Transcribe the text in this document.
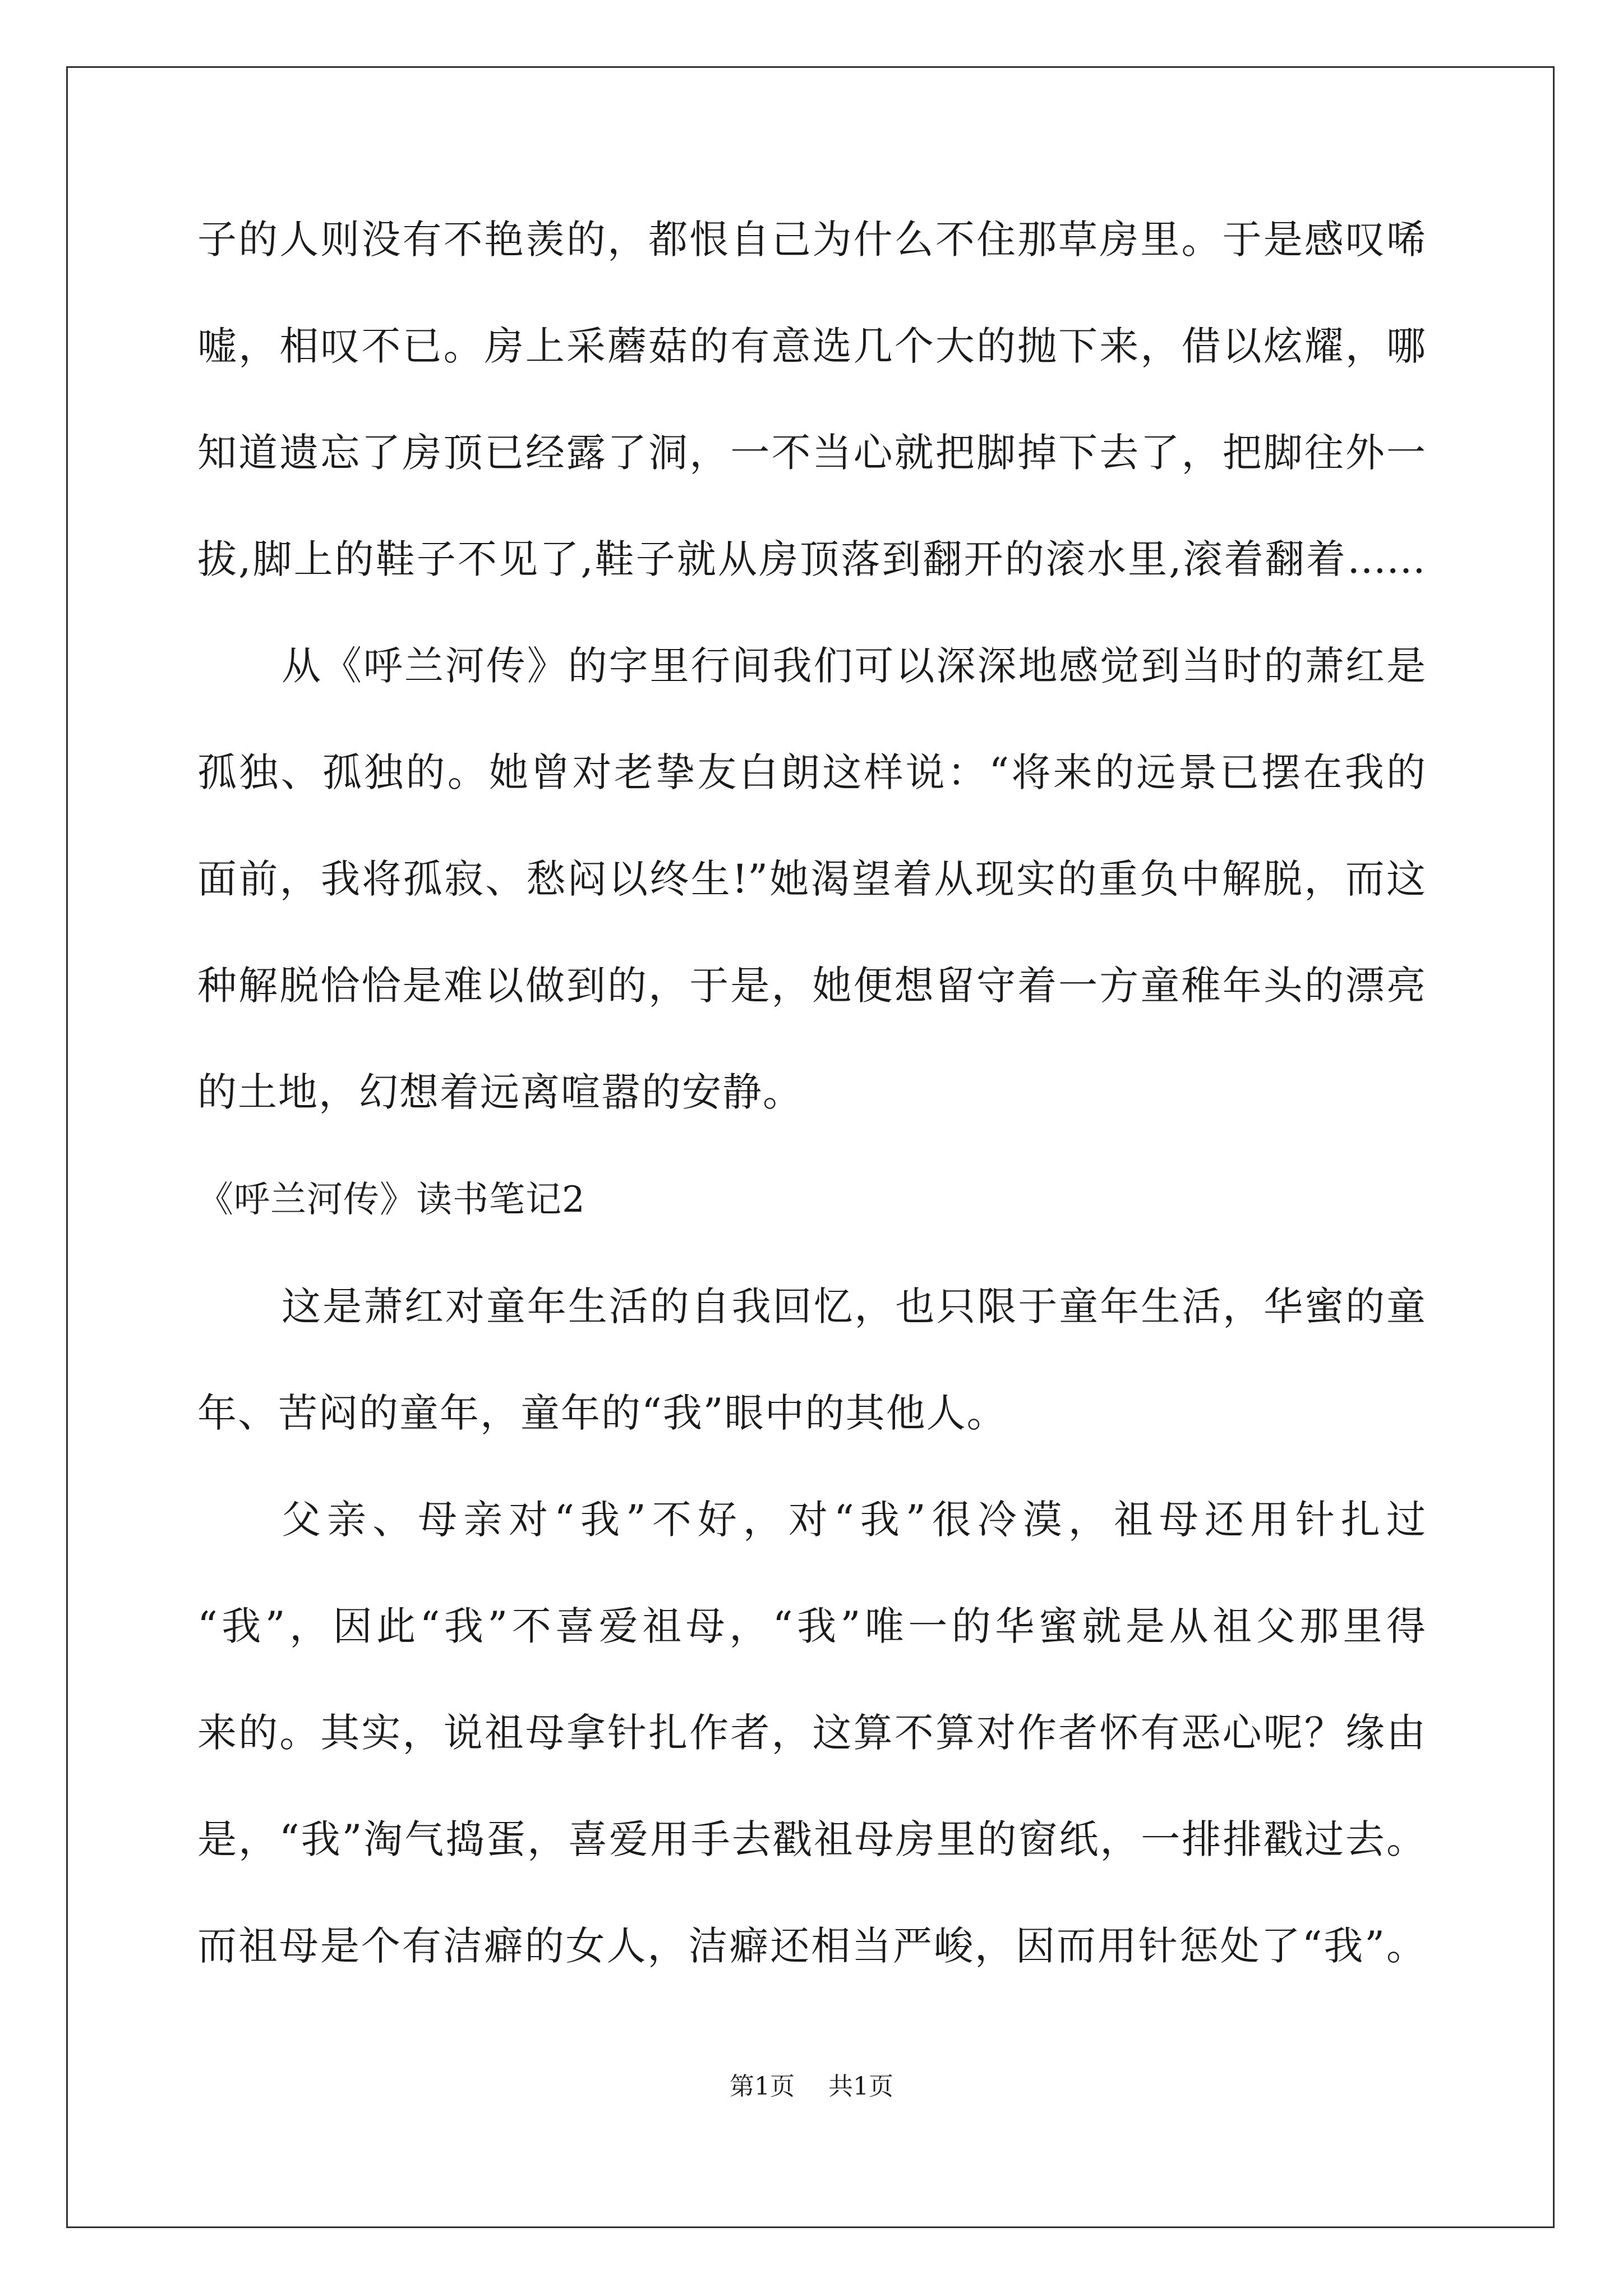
子的人则没有不艳羡的，都恨自己为什么不住那草房里。于是感叹唏
嘘，相叹不已。房上采蘑菇的有意选几个大的抛下来，借以炫耀，哪
知道遗忘了房顶已经露了洞，一不当心就把脚掉下去了，把脚往外一
拔,脚上的鞋子不见了,鞋子就从房顶落到翻开的滚水里,滚着翻着……
从《呼兰河传》的字里行间我们可以深深地感觉到当时的萧红是
孤独、孤独的。她曾对老挚友白朗这样说：“将来的远景已摆在我的
面前，我将孤寂、愁闷以终生!”她渴望着从现实的重负中解脱，而这
种解脱恰恰是难以做到的，于是，她便想留守着一方童稚年头的漂亮
的土地，幻想着远离喧嚣的安静。
《呼兰河传》读书笔记2
这是萧红对童年生活的自我回忆，也只限于童年生活，华蜜的童
年、苦闷的童年，童年的“我”眼中的其他人。
父亲、母亲对“我”不好，对“我”很冷漠，祖母还用针扎过
“我”，因此“我”不喜爱祖母，“我”唯一的华蜜就是从祖父那里得
来的。其实，说祖母拿针扎作者，这算不算对作者怀有恶心呢？缘由
是，“我”淘气捣蛋，喜爱用手去戳祖母房里的窗纸，一排排戳过去。
而祖母是个有洁癖的女人，洁癖还相当严峻，因而用针惩处了“我”。
第1页 共1页
